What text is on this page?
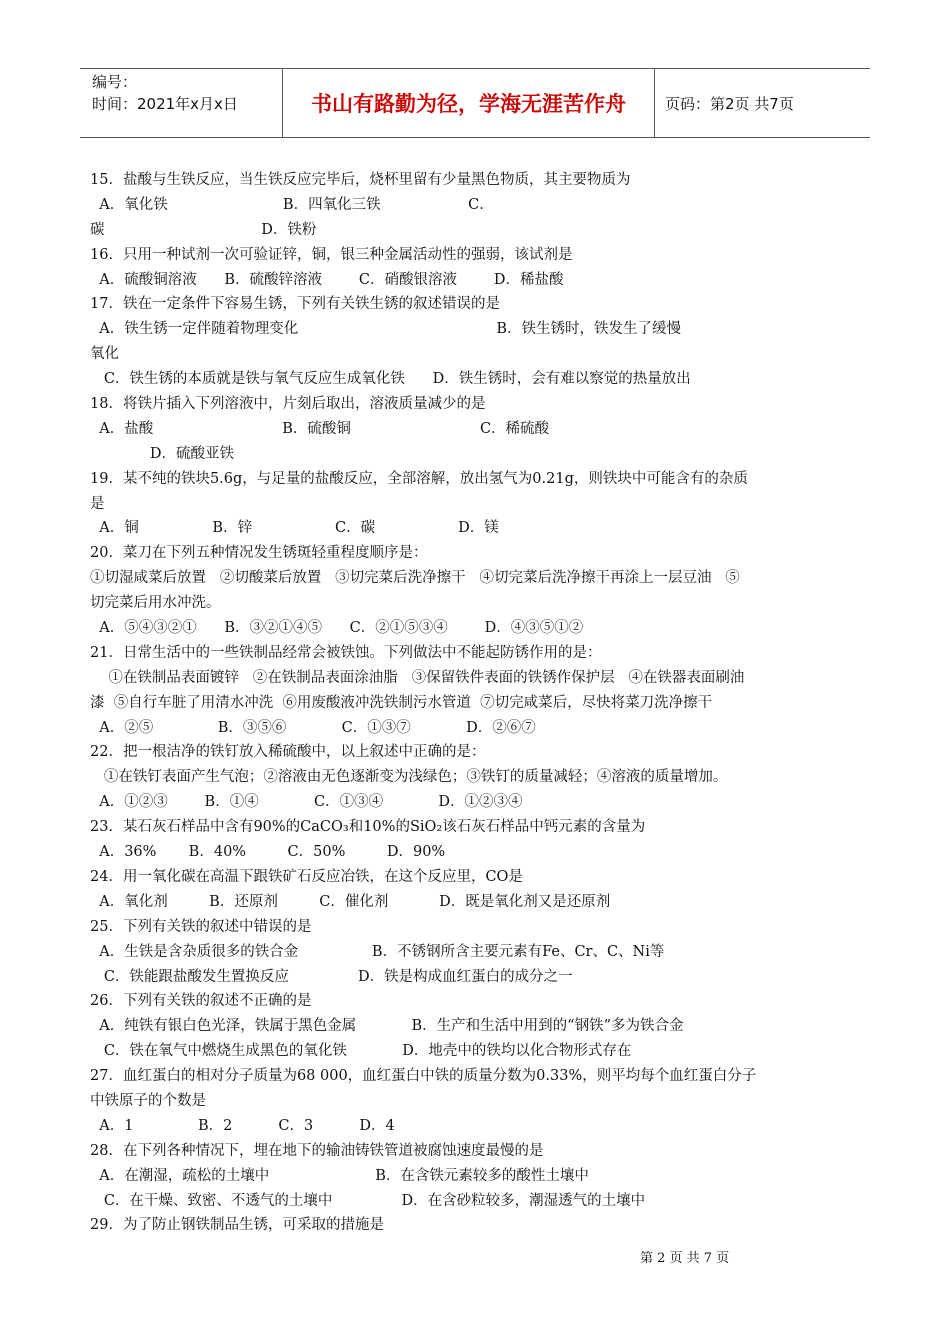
编号：
时间：2021年x月x日	书山有路勤为径，学海无涯苦作舟	页码：第2页 共7页
15．盐酸与生铁反应，当生铁反应完毕后，烧杯里留有少量黑色物质，其主要物质为
A．氧化铁                         B．四氧化三铁                   C．
碳                                  D．铁粉
16．只用一种试剂一次可验证锌，铜，银三种金属活动性的强弱，该试剂是
A．硫酸铜溶液      B．硫酸锌溶液        C．硝酸银溶液        D．稀盐酸
17．铁在一定条件下容易生锈，下列有关铁生锈的叙述错误的是
A．铁生锈一定伴随着物理变化                                           B．铁生锈时，铁发生了缓慢
氧化
C．铁生锈的本质就是铁与氧气反应生成氧化铁      D．铁生锈时，会有难以察觉的热量放出
18．将铁片插入下列溶液中，片刻后取出，溶液质量减少的是
A．盐酸                            B．硫酸铜                            C．稀硫酸
D．硫酸亚铁
19．某不纯的铁块5.6g，与足量的盐酸反应，全部溶解，放出氢气为0.21g，则铁块中可能含有的杂质
是
A．铜                B．锌                  C．碳                  D．镁
20．菜刀在下列五种情况发生锈斑轻重程度顺序是：
①切湿咸菜后放置   ②切酸菜后放置   ③切完菜后洗净擦干   ④切完菜后洗净擦干再涂上一层豆油   ⑤
切完菜后用水冲洗。
A．⑤④③②①      B．③②①④⑤      C．②①⑤③④        D．④③⑤①②
21．日常生活中的一些铁制品经常会被铁蚀。下列做法中不能起防锈作用的是：
①在铁制品表面镀锌   ②在铁制品表面涂油脂   ③保留铁件表面的铁锈作保护层   ④在铁器表面刷油
漆  ⑤自行车脏了用清水冲洗  ⑥用废酸液冲洗铁制污水管道  ⑦切完咸菜后，尽快将菜刀洗净擦干
A．②⑤              B．③⑤⑥            C．①③⑦            D．②⑥⑦
22．把一根洁净的铁钉放入稀硫酸中，以上叙述中正确的是：
①在铁钉表面产生气泡；②溶液由无色逐渐变为浅绿色；③铁钉的质量减轻；④溶液的质量增加。
A．①②③        B．①④            C．①③④            D．①②③④
23．某石灰石样品中含有90%的CaCO₃和10%的SiO₂该石灰石样品中钙元素的含量为
A．36%       B．40%         C．50%         D．90%
24．用一氧化碳在高温下跟铁矿石反应冶铁，在这个反应里，CO是
A．氧化剂         B．还原剂         C．催化剂           D．既是氧化剂又是还原剂
25．下列有关铁的叙述中错误的是
A．生铁是含杂质很多的铁合金                B．不锈钢所含主要元素有Fe、Cr、C、Ni等
C．铁能跟盐酸发生置换反应               D．铁是构成血红蛋白的成分之一
26．下列有关铁的叙述不正确的是
A．纯铁有银白色光泽，铁属于黑色金属            B．生产和生活中用到的“钢铁”多为铁合金
C．铁在氧气中燃烧生成黑色的氧化铁            D．地壳中的铁均以化合物形式存在
27．血红蛋白的相对分子质量为68 000，血红蛋白中铁的质量分数为0.33%，则平均每个血红蛋白分子
中铁原子的个数是
A．1              B．2          C．3          D．4
28．在下列各种情况下，埋在地下的输油铸铁管道被腐蚀速度最慢的是
A．在潮湿，疏松的土壤中                       B．在含铁元素较多的酸性土壤中
C．在干燥、致密、不透气的土壤中               D．在含砂粒较多，潮湿透气的土壤中
29．为了防止钢铁制品生锈，可采取的措施是
第 2 页 共 7 页
